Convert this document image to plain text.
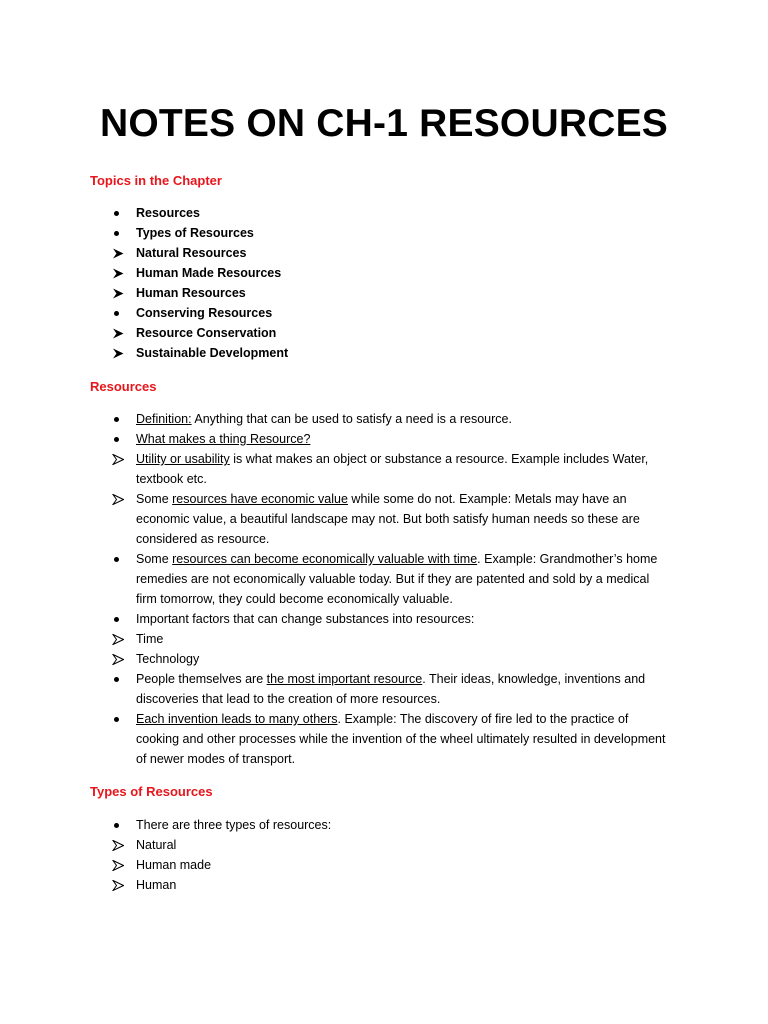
NOTES ON CH-1 RESOURCES
Topics in the Chapter
Resources
Types of Resources
Natural Resources
Human Made Resources
Human Resources
Conserving Resources
Resource Conservation
Sustainable Development
Resources
Definition: Anything that can be used to satisfy a need is a resource.
What makes a thing Resource?
Utility or usability is what makes an object or substance a resource. Example includes Water, textbook etc.
Some resources have economic value while some do not. Example: Metals may have an economic value, a beautiful landscape may not. But both satisfy human needs so these are considered as resource.
Some resources can become economically valuable with time. Example: Grandmother’s home remedies are not economically valuable today. But if they are patented and sold by a medical firm tomorrow, they could become economically valuable.
Important factors that can change substances into resources:
Time
Technology
People themselves are the most important resource. Their ideas, knowledge, inventions and discoveries that lead to the creation of more resources.
Each invention leads to many others. Example: The discovery of fire led to the practice of cooking and other processes while the invention of the wheel ultimately resulted in development of newer modes of transport.
Types of Resources
There are three types of resources:
Natural
Human made
Human
